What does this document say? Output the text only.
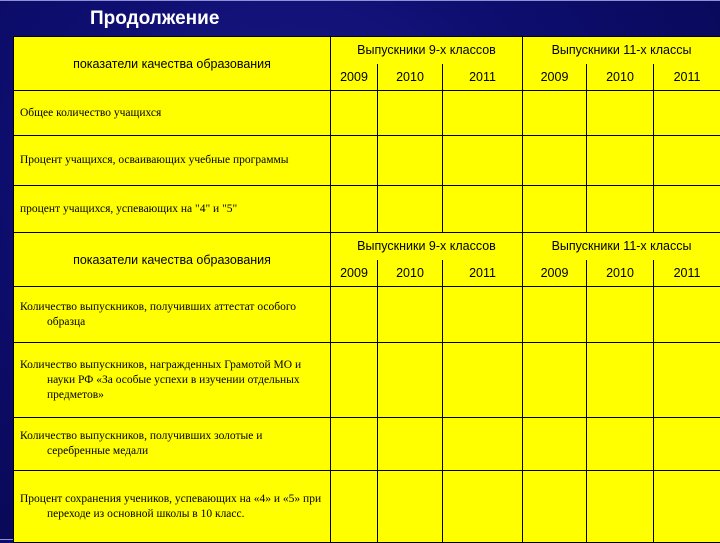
Продолжение
показатели качества образования	Выпускники 9-х классов			Выпускники 11-х классы		
	2009	2010	2011	2009	2010	2011

Общее количество учащихся						

Процент учащихся, осваивающих учебные программы						

процент учащихся, успевающих на "4" и "5"						

показатели качества образования	Выпускники 9-х классов			Выпускники 11-х классы		
	2009	2010	2011	2009	2010	2011

Количество выпускников, получивших аттестат особого образца						

Количество выпускников, награжденных Грамотой МО и науки РФ «За особые успехи в изучении отдельных предметов»						

Количество выпускников, получивших золотые и серебренные медали						

Процент сохранения учеников, успевающих на «4» и «5» при переходе из основной школы в 10 класс.						
